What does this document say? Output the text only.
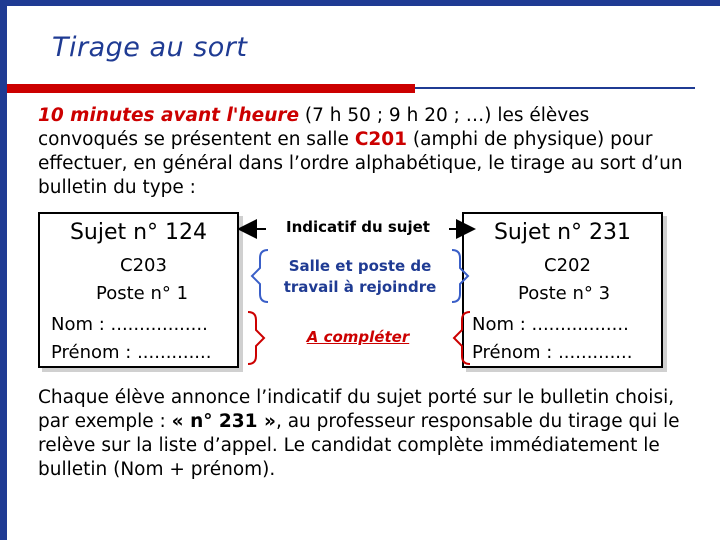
Tirage au sort
10 minutes avant l'heure (7 h 50 ; 9 h 20 ; …) les élèves convoqués se présentent en salle C201 (amphi de physique) pour effectuer, en général dans l’ordre alphabétique, le tirage au sort d’un bulletin du type :
Sujet n° 124
C203
Poste n° 1
Nom : .................
Prénom : .............
Sujet n° 231
C202
Poste n° 3
Nom : .................
Prénom : .............
Indicatif du sujet
Salle et poste de
travail à rejoindre
A compléter
Chaque élève annonce l’indicatif du sujet porté sur le bulletin choisi, par exemple : « n° 231 », au professeur responsable du tirage qui le relève sur la liste d’appel. Le candidat complète immédiatement le bulletin (Nom + prénom).
